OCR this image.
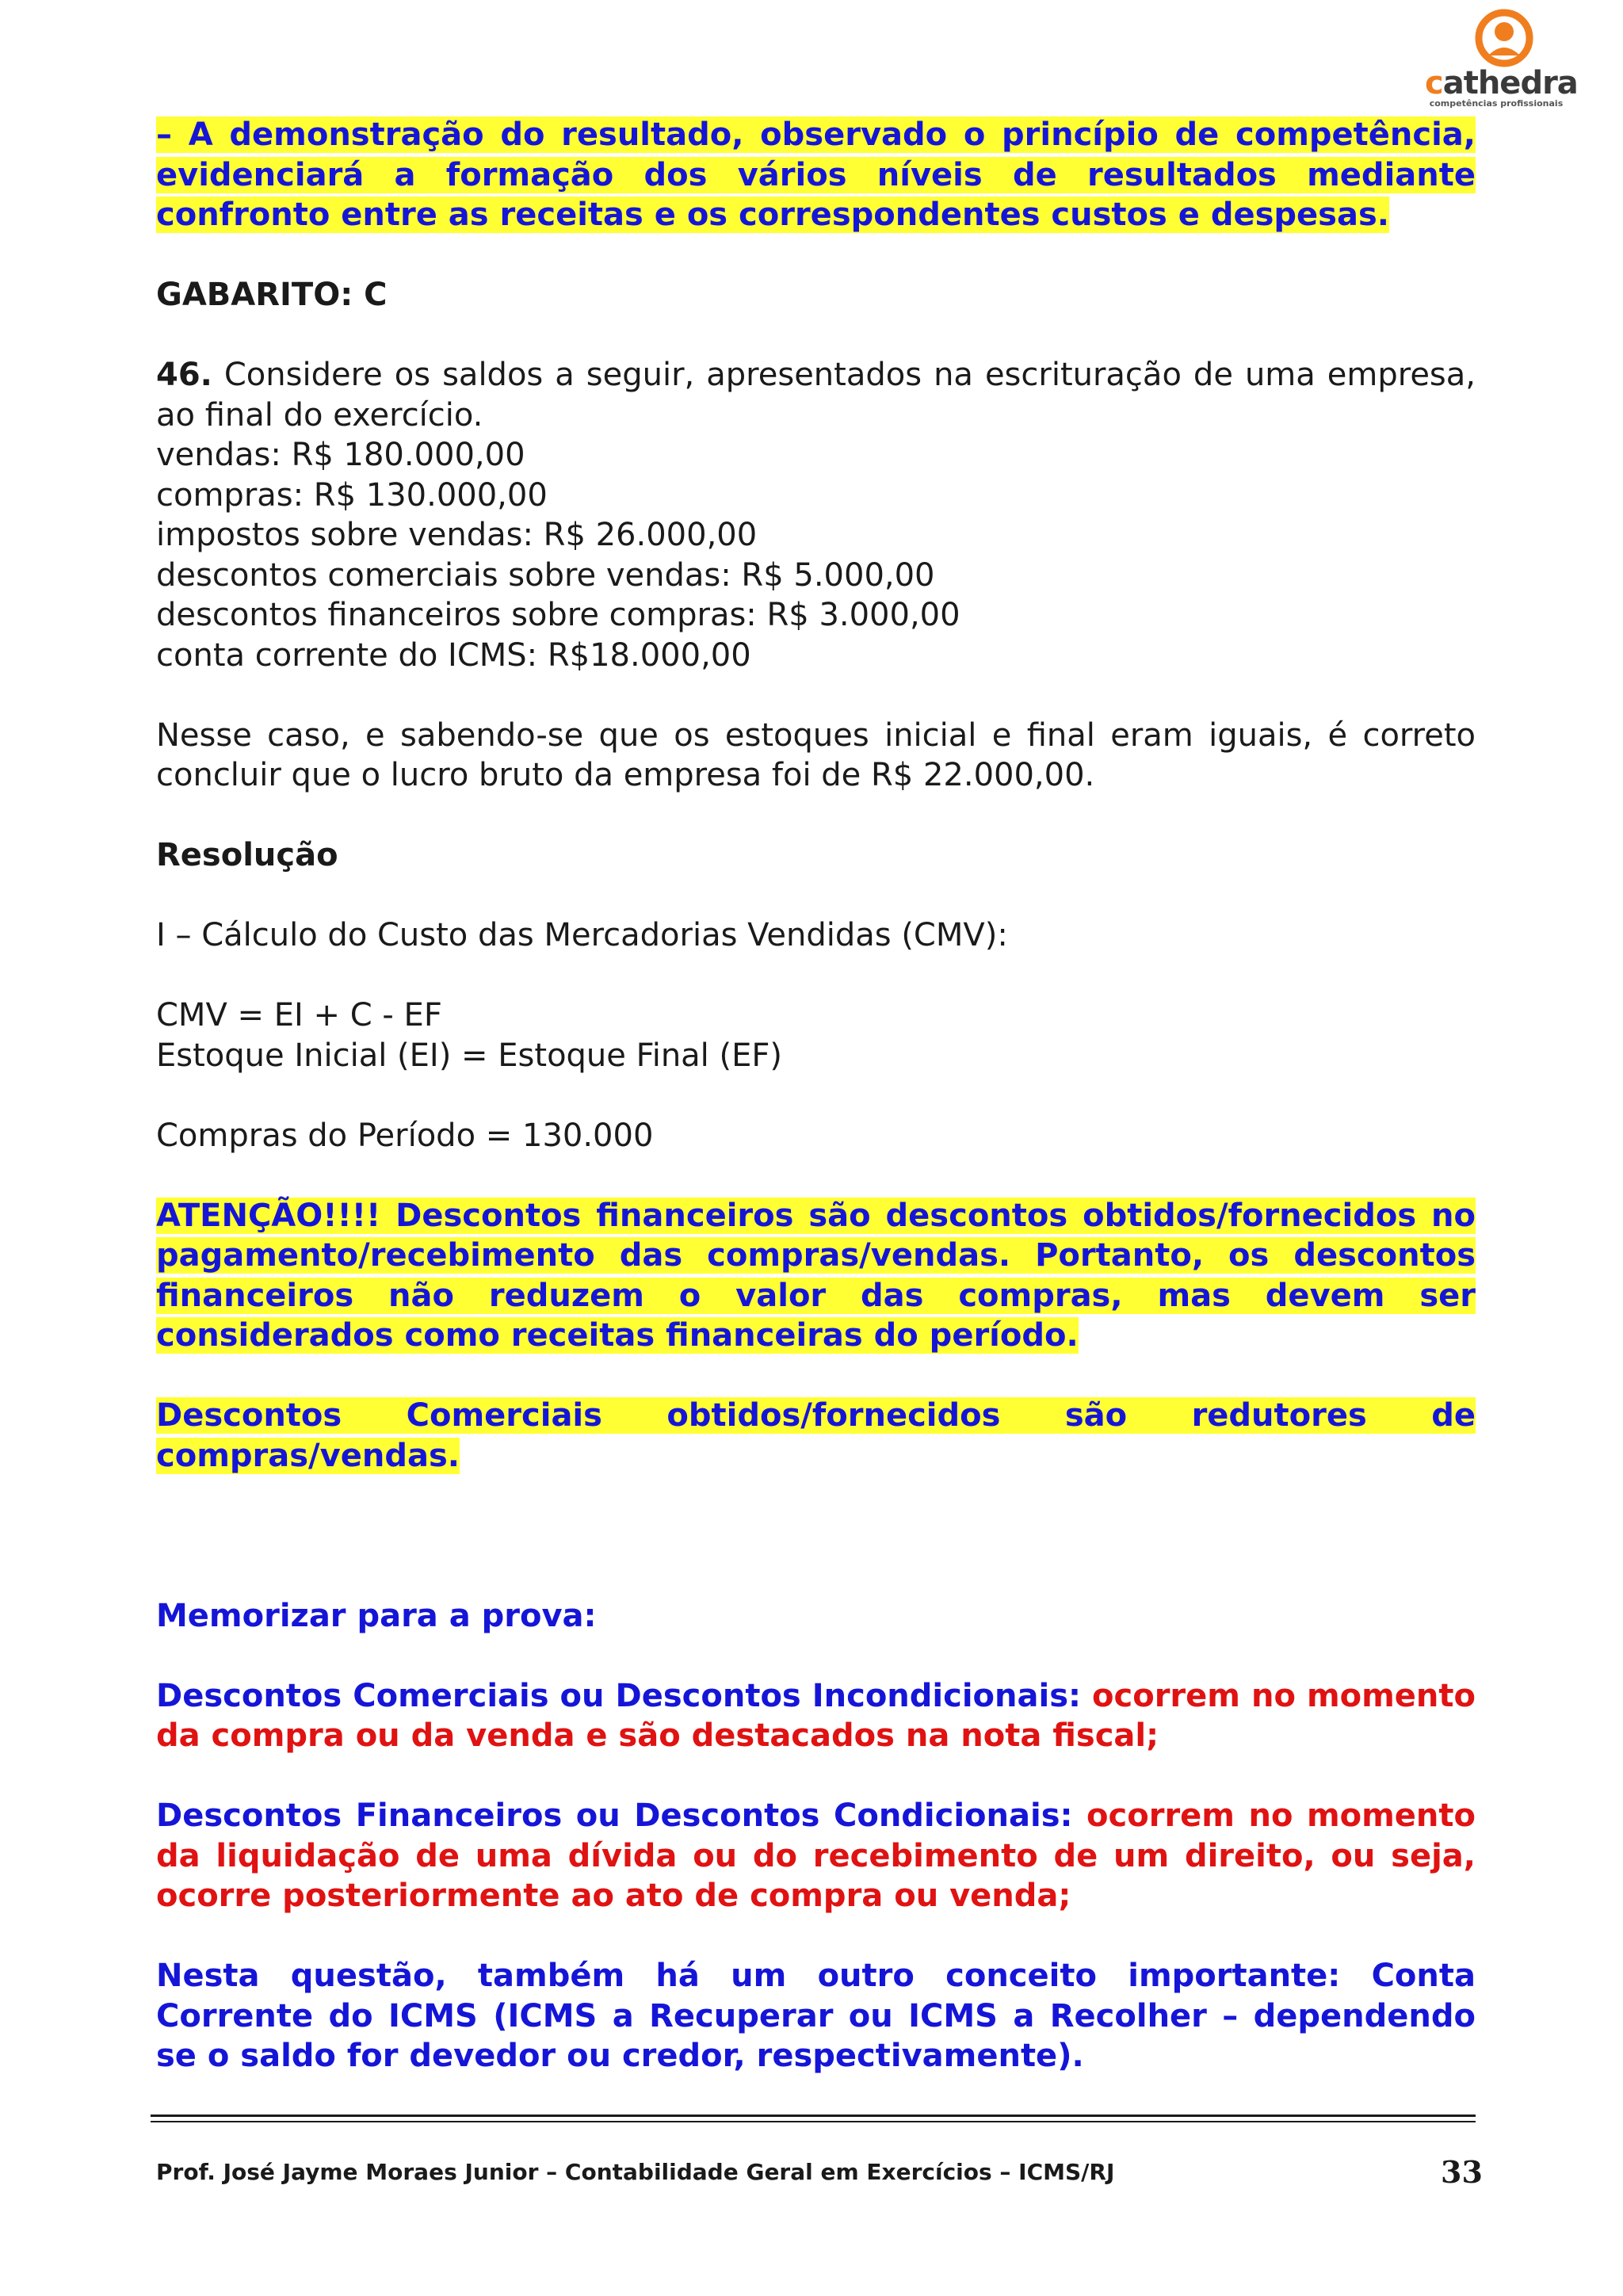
cathedra
competências profissionais

– A demonstração do resultado, observado o princípio de competência, evidenciará a formação dos vários níveis de resultados mediante confronto entre as receitas e os correspondentes custos e despesas.

GABARITO: C

46. Considere os saldos a seguir, apresentados na escrituração de uma empresa, ao final do exercício.

vendas: R$ 180.000,00
compras: R$ 130.000,00
impostos sobre vendas: R$ 26.000,00
descontos comerciais sobre vendas: R$ 5.000,00
descontos financeiros sobre compras: R$ 3.000,00
conta corrente do ICMS: R$18.000,00

Nesse caso, e sabendo-se que os estoques inicial e final eram iguais, é correto concluir que o lucro bruto da empresa foi de R$ 22.000,00.

Resolução

I – Cálculo do Custo das Mercadorias Vendidas (CMV):

CMV = EI + C - EF
Estoque Inicial (EI) = Estoque Final (EF)

Compras do Período = 130.000

ATENÇÃO!!!! Descontos financeiros são descontos obtidos/fornecidos no pagamento/recebimento das compras/vendas. Portanto, os descontos financeiros não reduzem o valor das compras, mas devem ser considerados como receitas financeiras do período.

Descontos Comerciais obtidos/fornecidos são redutores de compras/vendas.

Memorizar para a prova:

Descontos Comerciais ou Descontos Incondicionais: ocorrem no momento da compra ou da venda e são destacados na nota fiscal;

Descontos Financeiros ou Descontos Condicionais: ocorrem no momento da liquidação de uma dívida ou do recebimento de um direito, ou seja, ocorre posteriormente ao ato de compra ou venda;

Nesta questão, também há um outro conceito importante: Conta Corrente do ICMS (ICMS a Recuperar ou ICMS a Recolher – dependendo se o saldo for devedor ou credor, respectivamente).

Prof. José Jayme Moraes Junior – Contabilidade Geral em Exercícios – ICMS/RJ	33
